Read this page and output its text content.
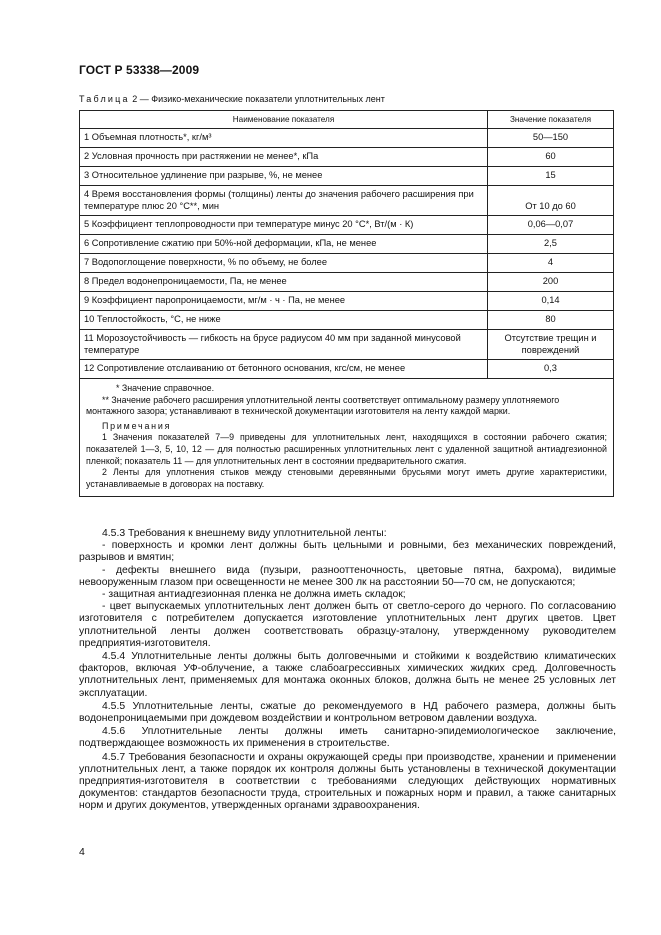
ГОСТ Р 53338—2009
Таблица 2 — Физико-механические показатели уплотнительных лент
Наименование показателя	Значение показателя
1 Объемная плотность*, кг/м³	50—150
2 Условная прочность при растяжении не менее*, кПа	60
3 Относительное удлинение при разрыве, %, не менее	15
4 Время восстановления формы (толщины) ленты до значения рабочего расширения при температуре плюс 20 °С**, мин	От 10 до 60
5 Коэффициент теплопроводности при температуре минус 20 °С*, Вт/(м · К)	0,06—0,07
6 Сопротивление сжатию при 50%-ной деформации, кПа, не менее	2,5
7 Водопоглощение поверхности, % по объему, не более	4
8 Предел водонепроницаемости, Па, не менее	200
9 Коэффициент паропроницаемости, мг/м · ч · Па, не менее	0,14
10 Теплостойкость, °С, не ниже	80
11 Морозоустойчивость — гибкость на брусе радиусом 40 мм при заданной минусовой температуре	Отсутствие трещин и повреждений
12 Сопротивление отслаиванию от бетонного основания, кгс/см, не менее	0,3

* Значение справочное.

** Значение рабочего расширения уплотнительной ленты соответствует оптимальному размеру уплотняемого монтажного зазора; устанавливают в технической документации изготовителя на ленту каждой марки.

Примечания

1 Значения показателей 7—9 приведены для уплотнительных лент, находящихся в состоянии рабочего сжатия; показателей 1—3, 5, 10, 12 — для полностью расширенных уплотнительных лент с удаленной защитной антиадгезионной пленкой; показатель 11 — для уплотнительных лент в состоянии предварительного сжатия.

2 Ленты для уплотнения стыков между стеновыми деревянными брусьями могут иметь другие характеристики, устанавливаемые в договорах на поставку.	

4.5.3 Требования к внешнему виду уплотнительной ленты:

- поверхность и кромки лент должны быть цельными и ровными, без механических повреждений, разрывов и вмятин;

- дефекты внешнего вида (пузыри, разнооттеночность, цветовые пятна, бахрома), видимые невооруженным глазом при освещенности не менее 300 лк на расстоянии 50—70 см, не допускаются;

- защитная антиадгезионная пленка не должна иметь складок;

- цвет выпускаемых уплотнительных лент должен быть от светло-серого до черного. По согласованию изготовителя с потребителем допускается изготовление уплотнительных лент других цветов. Цвет уплотнительной ленты должен соответствовать образцу-эталону, утвержденному руководителем предприятия-изготовителя.

4.5.4 Уплотнительные ленты должны быть долговечными и стойкими к воздействию климатических факторов, включая УФ-облучение, а также слабоагрессивных химических жидких сред. Долговечность уплотнительных лент, применяемых для монтажа оконных блоков, должна быть не менее 25 условных лет эксплуатации.

4.5.5 Уплотнительные ленты, сжатые до рекомендуемого в НД рабочего размера, должны быть водонепроницаемыми при дождевом воздействии и контрольном ветровом давлении воздуха.

4.5.6 Уплотнительные ленты должны иметь санитарно-эпидемиологическое заключение, подтверждающее возможность их применения в строительстве.

4.5.7 Требования безопасности и охраны окружающей среды при производстве, хранении и применении уплотнительных лент, а также порядок их контроля должны быть установлены в технической документации предприятия-изготовителя в соответствии с требованиями следующих действующих нормативных документов: стандартов безопасности труда, строительных и пожарных норм и правил, а также санитарных норм и других документов, утвержденных органами здравоохранения.

4
